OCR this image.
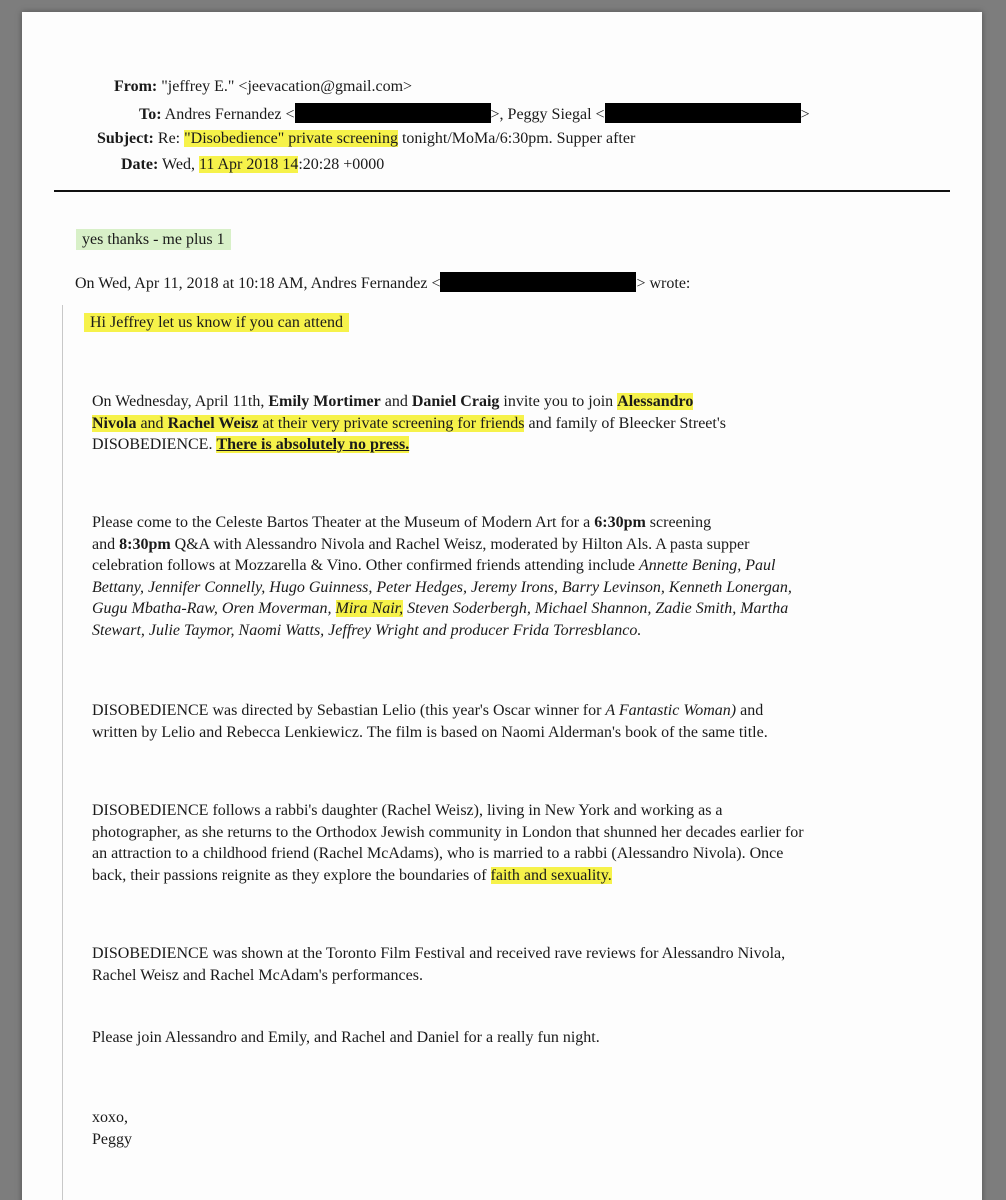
From: "jeffrey E." <jeevacation@gmail.com>
To: Andres Fernandez <	>, Peggy Siegal <	>
Subject: Re: "Disobedience" private screening tonight/MoMa/6:30pm. Supper after
Date: Wed, 11 Apr 2018 14:20:28 +0000
yes thanks - me plus 1
On Wed, Apr 11, 2018 at 10:18 AM, Andres Fernandez <	> wrote:
Hi Jeffrey let us know if you can attend
On Wednesday, April 11th, Emily Mortimer and Daniel Craig invite you to join Alessandro
Nivola and Rachel Weisz at their very private screening for friends and family of Bleecker Street's
DISOBEDIENCE. There is absolutely no press.
Please come to the Celeste Bartos Theater at the Museum of Modern Art for a 6:30pm screening
and 8:30pm Q&A with Alessandro Nivola and Rachel Weisz, moderated by Hilton Als. A pasta supper
celebration follows at Mozzarella & Vino. Other confirmed friends attending include Annette Bening, Paul
Bettany, Jennifer Connelly, Hugo Guinness, Peter Hedges, Jeremy Irons, Barry Levinson, Kenneth Lonergan,
Gugu Mbatha-Raw, Oren Moverman, Mira Nair, Steven Soderbergh, Michael Shannon, Zadie Smith, Martha
Stewart, Julie Taymor, Naomi Watts, Jeffrey Wright and producer Frida Torresblanco.
DISOBEDIENCE was directed by Sebastian Lelio (this year's Oscar winner for A Fantastic Woman) and
written by Lelio and Rebecca Lenkiewicz. The film is based on Naomi Alderman's book of the same title.
DISOBEDIENCE follows a rabbi's daughter (Rachel Weisz), living in New York and working as a
photographer, as she returns to the Orthodox Jewish community in London that shunned her decades earlier for
an attraction to a childhood friend (Rachel McAdams), who is married to a rabbi (Alessandro Nivola). Once
back, their passions reignite as they explore the boundaries of faith and sexuality.
DISOBEDIENCE was shown at the Toronto Film Festival and received rave reviews for Alessandro Nivola,
Rachel Weisz and Rachel McAdam's performances.
Please join Alessandro and Emily, and Rachel and Daniel for a really fun night.
xoxo,
Peggy
